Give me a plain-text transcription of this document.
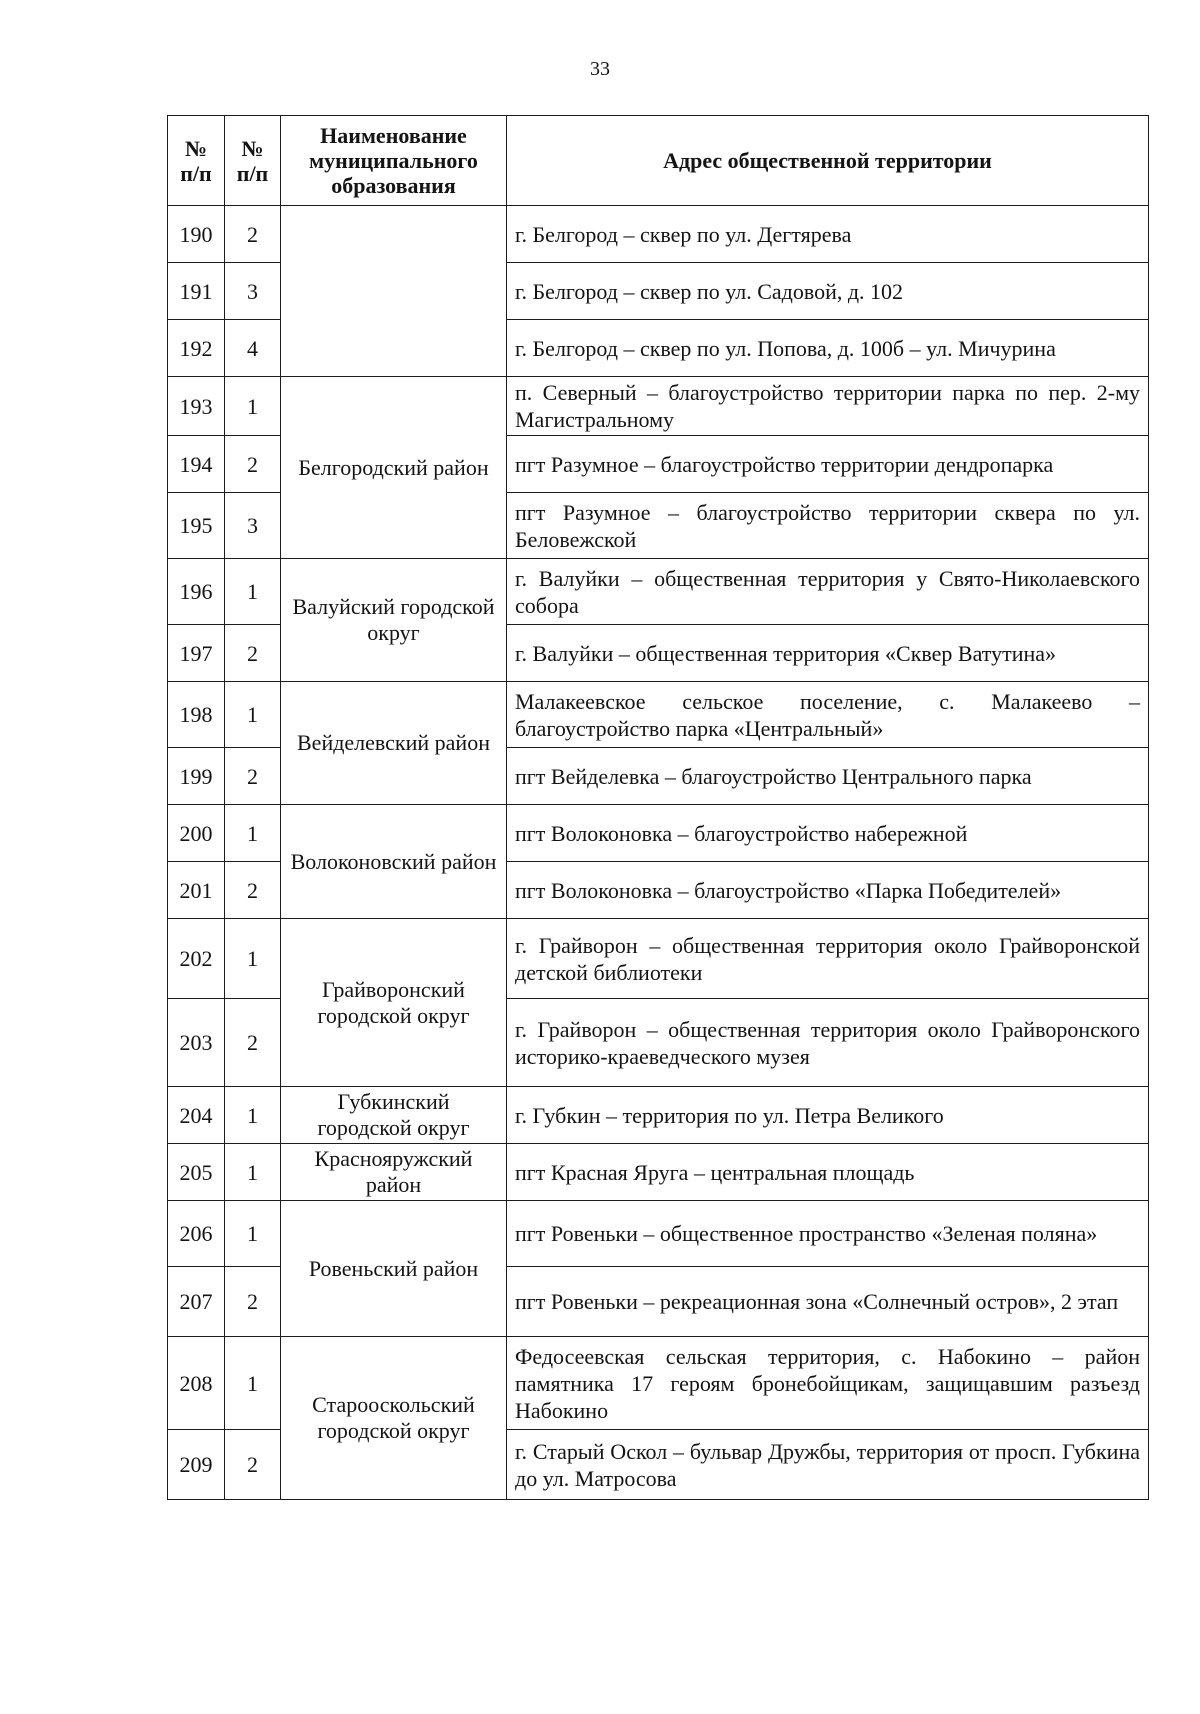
33
№ п/п	№ п/п	Наименование муниципального образования	Адрес общественной территории
190	2		г. Белгород – сквер по ул. Дегтярева
191	3		г. Белгород – сквер по ул. Садовой, д. 102
192	4		г. Белгород – сквер по ул. Попова, д. 100б – ул. Мичурина
193	1	Белгородский район	п. Северный – благоустройство территории парка по пер. 2-му Магистральному
194	2		пгт Разумное – благоустройство территории дендропарка
195	3		пгт Разумное – благоустройство территории сквера по ул. Беловежской
196	1	Валуйский городской округ	г. Валуйки – общественная территория у Свято-Николаевского собора
197	2		г. Валуйки – общественная территория «Сквер Ватутина»
198	1	Вейделевский район	Малакеевское сельское поселение, с. Малакеево – благоустройство парка «Центральный»
199	2		пгт Вейделевка – благоустройство Центрального парка
200	1	Волоконовский район	пгт Волоконовка – благоустройство набережной
201	2		пгт Волоконовка – благоустройство «Парка Победителей»
202	1	Грайворонский городской округ	г. Грайворон – общественная территория около Грайворонской детской библиотеки
203	2		г. Грайворон – общественная территория около Грайворонского историко-краеведческого музея
204	1	Губкинский городской округ	г. Губкин – территория по ул. Петра Великого
205	1	Краснояружский район	пгт Красная Яруга – центральная площадь
206	1	Ровеньский район	пгт Ровеньки – общественное пространство «Зеленая поляна»
207	2		пгт Ровеньки – рекреационная зона «Солнечный остров», 2 этап
208	1	Старооскольский городской округ	Федосеевская сельская территория, с. Набокино – район памятника 17 героям бронебойщикам, защищавшим разъезд Набокино
209	2		г. Старый Оскол – бульвар Дружбы, территория от просп. Губкина до ул. Матросова
